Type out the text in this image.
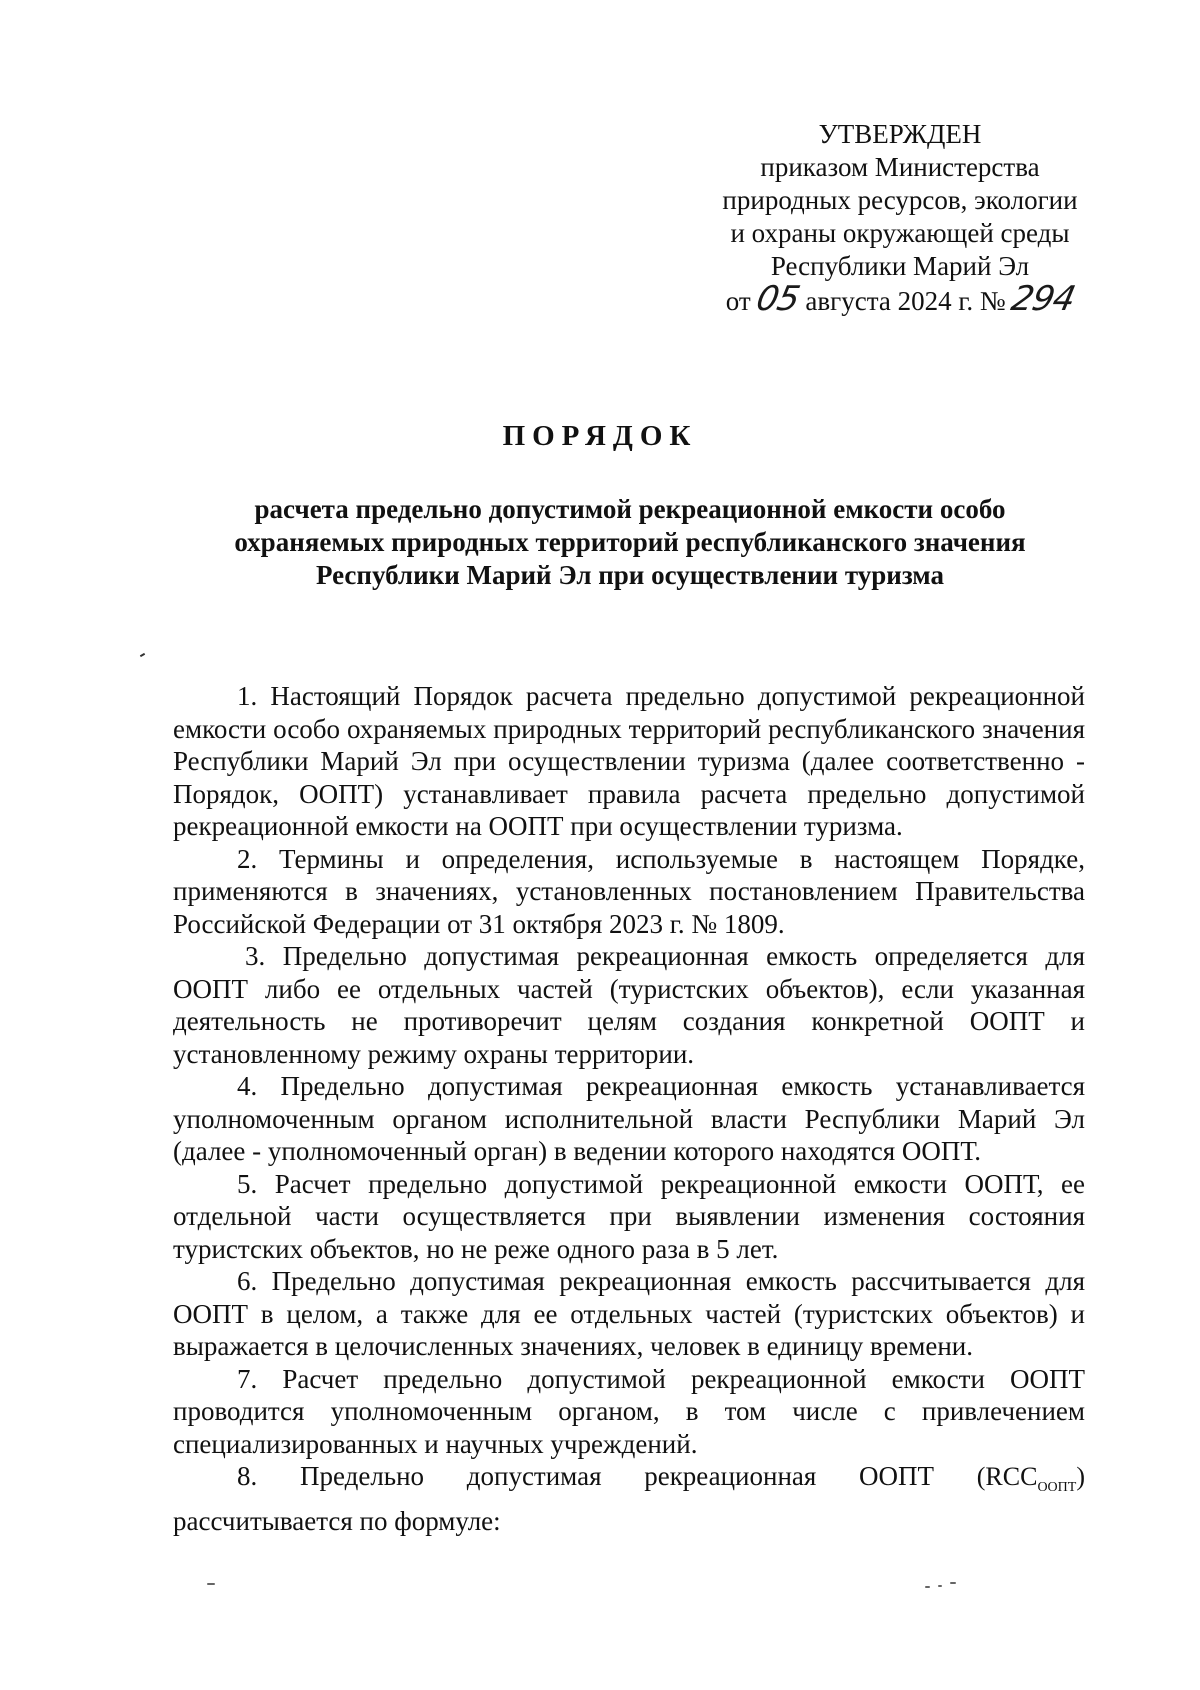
УТВЕРЖДЕН
приказом Министерства
природных ресурсов, экологии
и охраны окружающей среды
Республики Марий Эл
от 05 августа 2024 г. № 294
ПОРЯДОК
расчета предельно допустимой рекреационной емкости особо
охраняемых природных территорий республиканского значения
Республики Марий Эл при осуществлении туризма

1. Настоящий Порядок расчета предельно допустимой рекреационной емкости особо охраняемых природных территорий республиканского значения Республики Марий Эл при осуществлении туризма (далее соответственно - Порядок, ООПТ) устанавливает правила расчета предельно допустимой рекреационной емкости на ООПТ при осуществлении туризма.

2. Термины и определения, используемые в настоящем Порядке, применяются в значениях, установленных постановлением Правительства Российской Федерации от 31 октября 2023 г. № 1809.

3. Предельно допустимая рекреационная емкость определяется для ООПТ либо ее отдельных частей (туристских объектов), если указанная деятельность не противоречит целям создания конкретной ООПТ и установленному режиму охраны территории.

4. Предельно допустимая рекреационная емкость устанавливается уполномоченным органом исполнительной власти Республики Марий Эл (далее - уполномоченный орган) в ведении которого находятся ООПТ.

5. Расчет предельно допустимой рекреационной емкости ООПТ, ее отдельной части осуществляется при выявлении изменения состояния туристских объектов, но не реже одного раза в 5 лет.

6. Предельно допустимая рекреационная емкость рассчитывается для ООПТ в целом, а также для ее отдельных частей (туристских объектов) и выражается в целочисленных значениях, человек в единицу времени.

7. Расчет предельно допустимой рекреационной емкости ООПТ проводится уполномоченным органом, в том числе с привлечением специализированных и научных учреждений.

8. Предельно допустимая рекреационная ООПТ $(RCC_{ООПТ})$

рассчитывается по формуле:
